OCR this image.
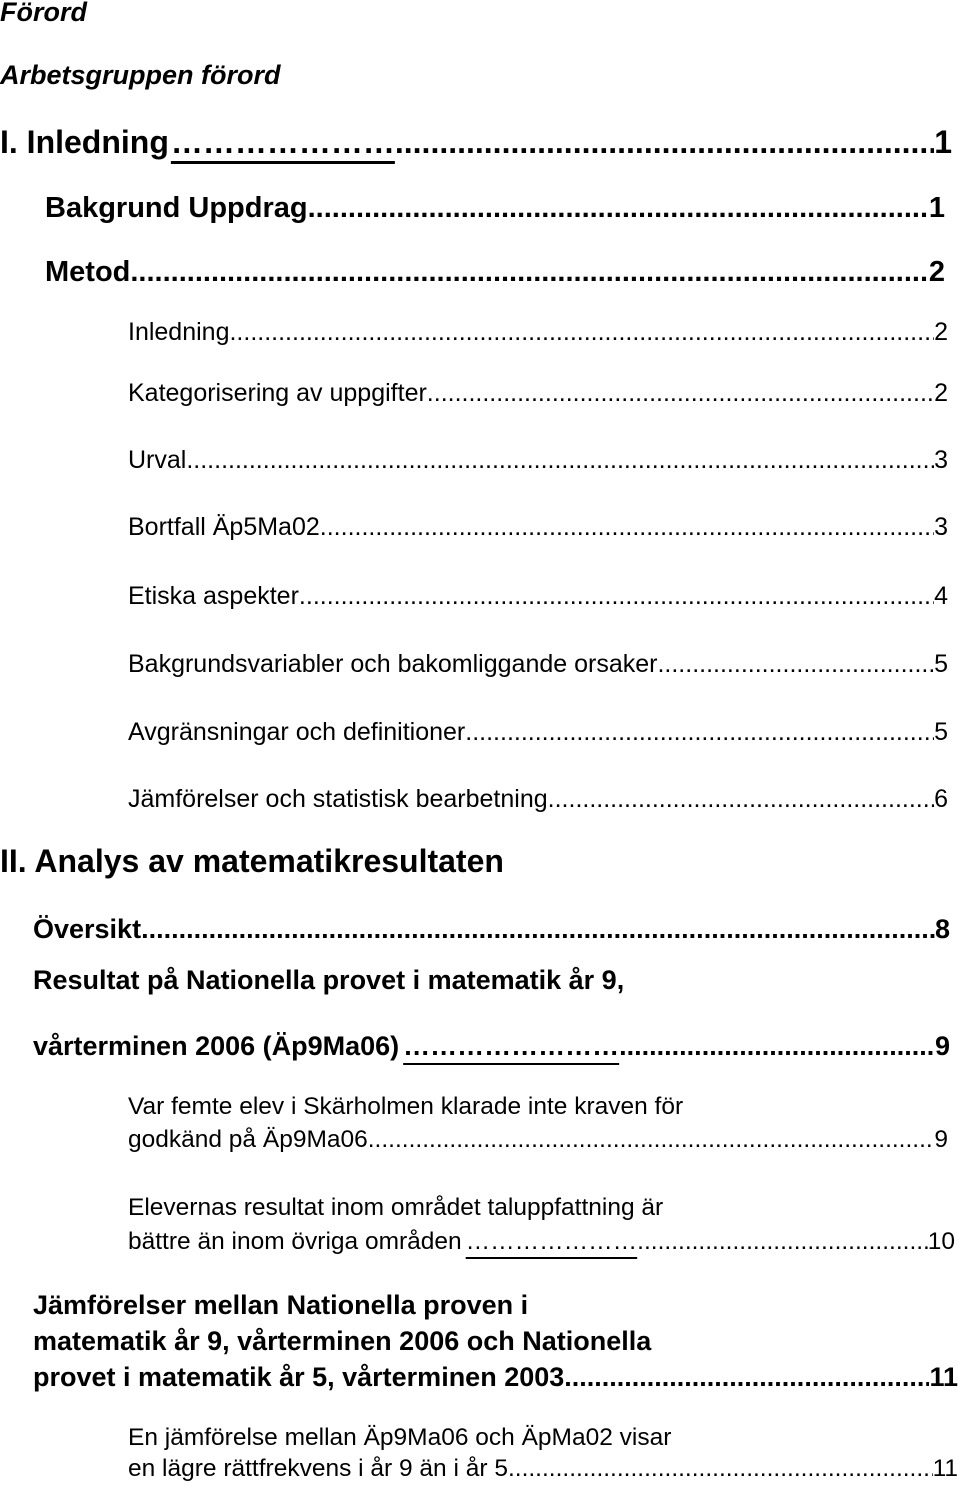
Förord
Arbetsgruppen förord
I. Inledning ………………… .....	1
Bakgrund Uppdrag .....	1
Metod .....	2
Inledning .....	2
Kategorisering av uppgifter .....	2
Urval .....	3
Bortfall Äp5Ma02 .....	3
Etiska aspekter .....	4
Bakgrundsvariabler och bakomliggande orsaker .....	5
Avgränsningar och definitioner .....	5
Jämförelser och statistisk bearbetning .....	6
II. Analys av matematikresultaten
Översikt .....	8
Resultat på Nationella provet i matematik år 9,
vårterminen 2006 (Äp9Ma06) …………………… .....	9
Var femte elev i Skärholmen klarade inte kraven för
godkänd på Äp9Ma06 .....	9
Elevernas resultat inom området taluppfattning är
bättre än inom övriga områden ………………… .....	10
Jämförelser mellan Nationella proven i
matematik år 9, vårterminen 2006 och Nationella
provet i matematik år 5, vårterminen 2003 .....	11
En jämförelse mellan Äp9Ma06 och ÄpMa02 visar
en lägre rättfrekvens i år 9 än i år 5 .....	11
